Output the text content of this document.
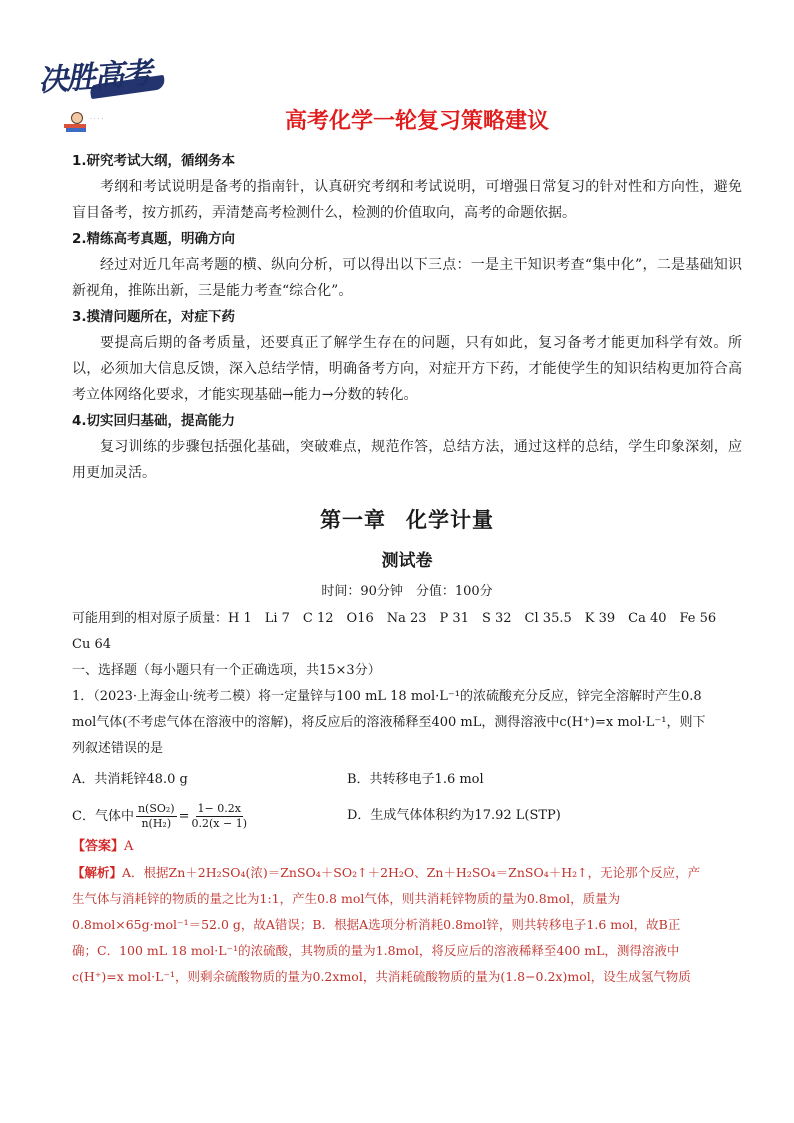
决胜高考
· · · ·	高考化学一轮复习策略建议

1.研究考试大纲，循纲务本

考纲和考试说明是备考的指南针，认真研究考纲和考试说明，可增强日常复习的针对性和方向性，避免盲目备考，按方抓药，弄清楚高考检测什么，检测的价值取向，高考的命题依据。

2.精练高考真题，明确方向

经过对近几年高考题的横、纵向分析，可以得出以下三点：一是主干知识考查“集中化”，二是基础知识新视角，推陈出新，三是能力考查“综合化”。

3.摸清问题所在，对症下药

要提高后期的备考质量，还要真正了解学生存在的问题，只有如此，复习备考才能更加科学有效。所以，必须加大信息反馈，深入总结学情，明确备考方向，对症开方下药，才能使学生的知识结构更加符合高考立体网络化要求，才能实现基础→能力→分数的转化。

4.切实回归基础，提高能力

复习训练的步骤包括强化基础，突破难点，规范作答，总结方法，通过这样的总结，学生印象深刻，应用更加灵活。

第一章 化学计量

测试卷

时间：90分钟　分值：100分

可能用到的相对原子质量：H 1　Li 7　C 12　O16　Na 23　P 31　S 32　Cl 35.5　K 39　Ca 40　Fe 56

Cu 64

一、选择题（每小题只有一个正确选项，共15×3分）

1．（2023·上海金山·统考二模）将一定量锌与100 mL 18 mol·L⁻¹的浓硫酸充分反应，锌完全溶解时产生0.8

mol气体(不考虑气体在溶液中的溶解)，将反应后的溶液稀释至400 mL，测得溶液中c(H⁺)=x mol·L⁻¹，则下

列叙述错误的是

A．共消耗锌48.0 g	B．共转移电子1.6 mol
C．气体中 $\frac{\text{n(SO₂)}}{\text{n(H₂)}} = \frac{1- 0.2x}{0.2(x - 1)}$	D．生成气体体积约为17.92 L(STP)

【答案】A

【解析】A．根据Zn＋2H₂SO₄(浓)＝ZnSO₄＋SO₂↑＋2H₂O、Zn＋H₂SO₄＝ZnSO₄＋H₂↑，无论那个反应，产

生气体与消耗锌的物质的量之比为1:1，产生0.8 mol气体，则共消耗锌物质的量为0.8mol，质量为

0.8mol×65g·mol⁻¹＝52.0 g，故A错误；B．根据A选项分析消耗0.8mol锌，则共转移电子1.6 mol，故B正

确；C．100 mL 18 mol·L⁻¹的浓硫酸，其物质的量为1.8mol，将反应后的溶液稀释至400 mL，测得溶液中

c(H⁺)=x mol·L⁻¹，则剩余硫酸物质的量为0.2xmol，共消耗硫酸物质的量为(1.8−0.2x)mol，设生成氢气物质
